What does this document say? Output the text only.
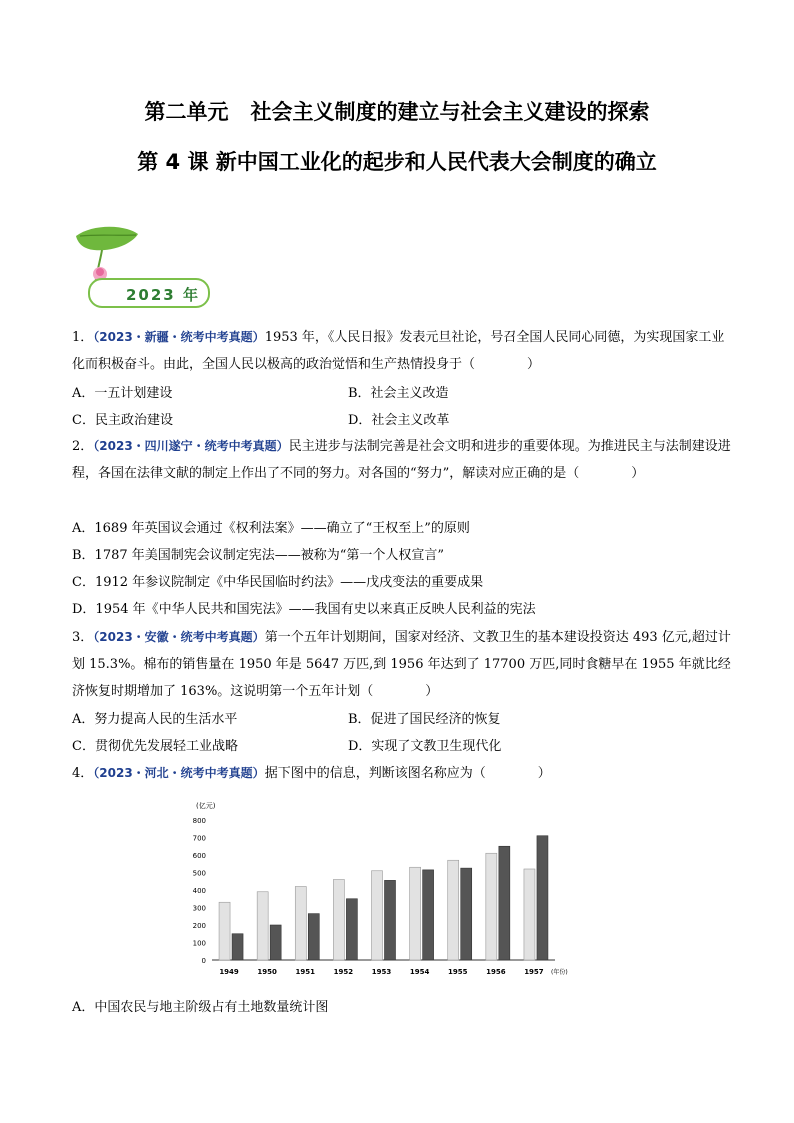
第二单元 社会主义制度的建立与社会主义建设的探索
第 4 课 新中国工业化的起步和人民代表大会制度的确立
2023 年
1．（2023・新疆・统考中考真题）1953 年，《人民日报》发表元旦社论，号召全国人民同心同德，为实现国家工业化而积极奋斗。由此，全国人民以极高的政治觉悟和生产热情投身于（　　　　）
A．一五计划建设	B．社会主义改造
C．民主政治建设	D．社会主义改革
2．（2023・四川遂宁・统考中考真题）民主进步与法制完善是社会文明和进步的重要体现。为推进民主与法制建设进程，各国在法律文献的制定上作出了不同的努力。对各国的“努力”，解读对应正确的是（　　　　）
A．1689 年英国议会通过《权利法案》——确立了“王权至上”的原则
B．1787 年美国制宪会议制定宪法——被称为“第一个人权宣言”
C．1912 年参议院制定《中华民国临时约法》——戊戌变法的重要成果
D．1954 年《中华人民共和国宪法》——我国有史以来真正反映人民利益的宪法
3．（2023・安徽・统考中考真题）第一个五年计划期间，国家对经济、文教卫生的基本建设投资达 493 亿元,超过计划 15.3%。棉布的销售量在 1950 年是 5647 万匹,到 1956 年达到了 17700 万匹,同时食糖早在 1955 年就比经济恢复时期增加了 163%。这说明第一个五年计划（　　　　）
A．努力提高人民的生活水平	B．促进了国民经济的恢复
C．贯彻优先发展轻工业战略	D．实现了文教卫生现代化
4．（2023・河北・统考中考真题）据下图中的信息，判断该图名称应为（　　　　）
(亿元)
0
100
200
300
400
500
600
700
800
1949	1950	1951	1952	1953	1954	1955	1956	1957 (年份)
A．中国农民与地主阶级占有土地数量统计图
